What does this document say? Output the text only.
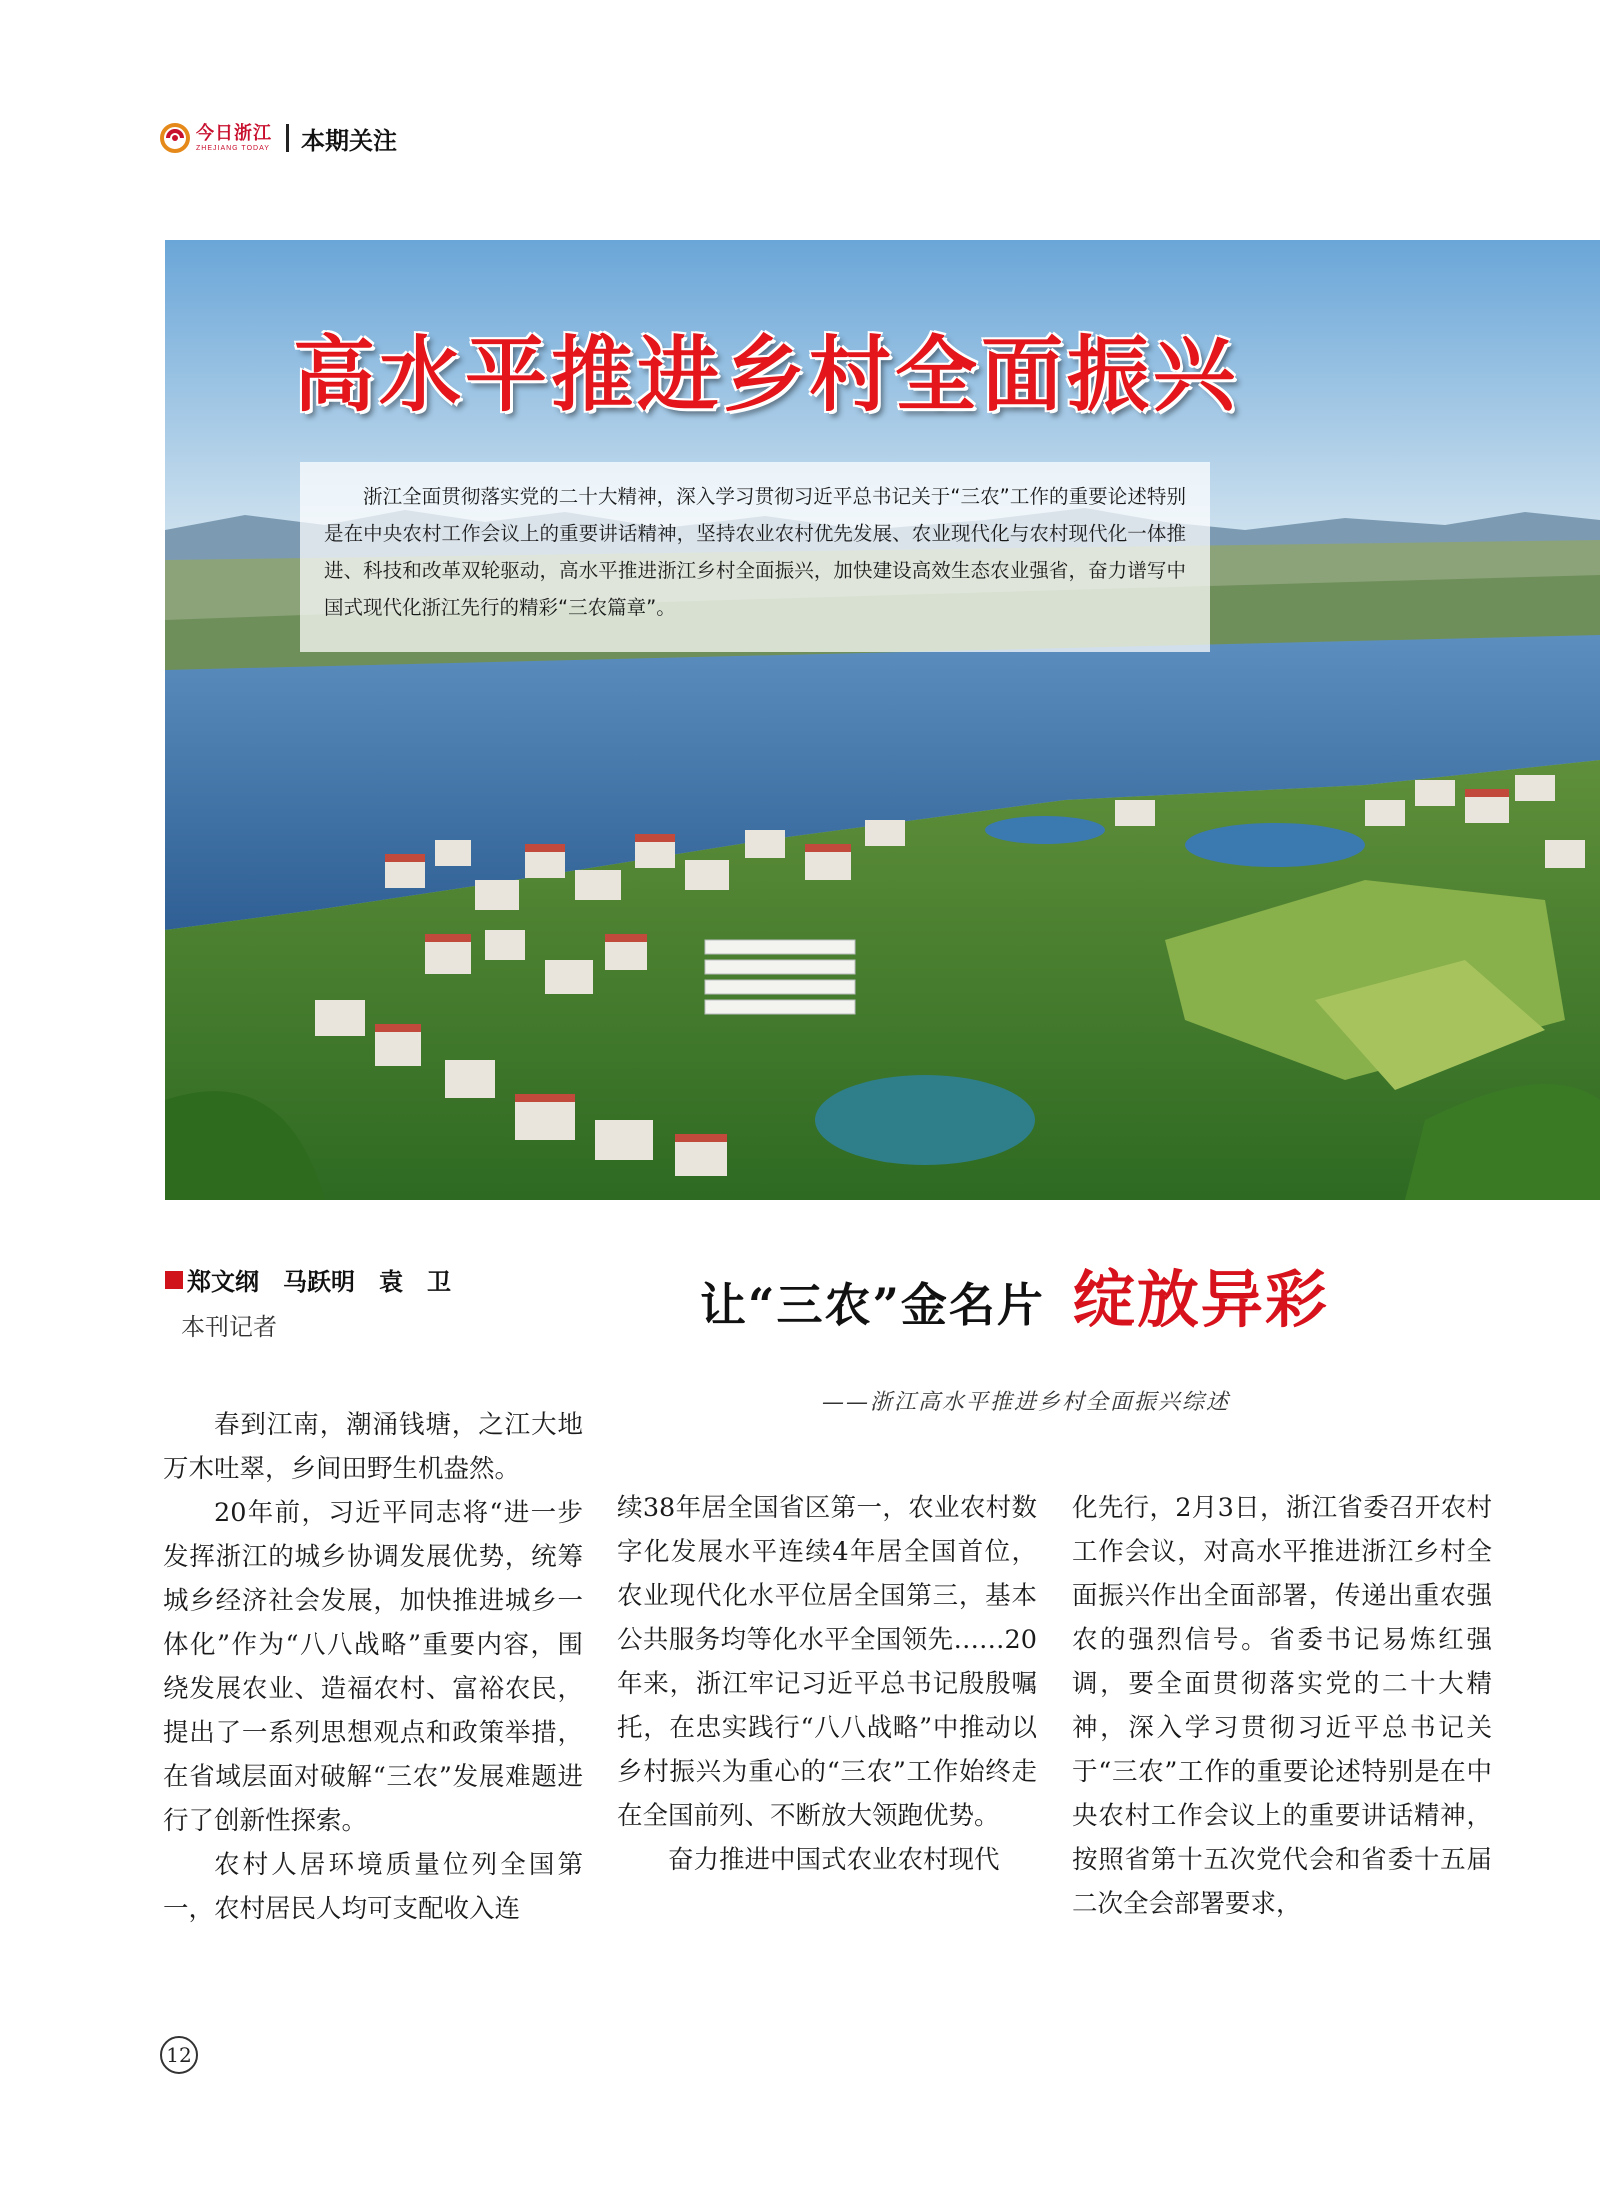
今日浙江
ZHEJIANG TODAY 本期关注
高水平推进乡村全面振兴
浙江全面贯彻落实党的二十大精神，深入学习贯彻习近平总书记关于“三农”工作的重要论述特别是在中央农村工作会议上的重要讲话精神，坚持农业农村优先发展、农业现代化与农村现代化一体推进、科技和改革双轮驱动，高水平推进浙江乡村全面振兴，加快建设高效生态农业强省，奋力谱写中国式现代化浙江先行的精彩“三农篇章”。
郑文纲　马跃明　袁　卫
本刊记者	让“三农”金名片 绽放异彩
——浙江高水平推进乡村全面振兴综述

春到江南，潮涌钱塘，之江大地万木吐翠，乡间田野生机盎然。

20年前，习近平同志将“进一步发挥浙江的城乡协调发展优势，统筹城乡经济社会发展，加快推进城乡一体化”作为“八八战略”重要内容，围绕发展农业、造福农村、富裕农民，提出了一系列思想观点和政策举措，在省域层面对破解“三农”发展难题进行了创新性探索。

农村人居环境质量位列全国第一，农村居民人均可支配收入连

续38年居全国省区第一，农业农村数字化发展水平连续4年居全国首位，农业现代化水平位居全国第三，基本公共服务均等化水平全国领先……20年来，浙江牢记习近平总书记殷殷嘱托，在忠实践行“八八战略”中推动以乡村振兴为重心的“三农”工作始终走在全国前列、不断放大领跑优势。

奋力推进中国式农业农村现代

化先行，2月3日，浙江省委召开农村工作会议，对高水平推进浙江乡村全面振兴作出全面部署，传递出重农强农的强烈信号。省委书记易炼红强调，要全面贯彻落实党的二十大精神，深入学习贯彻习近平总书记关于“三农”工作的重要论述特别是在中央农村工作会议上的重要讲话精神，按照省第十五次党代会和省委十五届二次全会部署要求，

12
